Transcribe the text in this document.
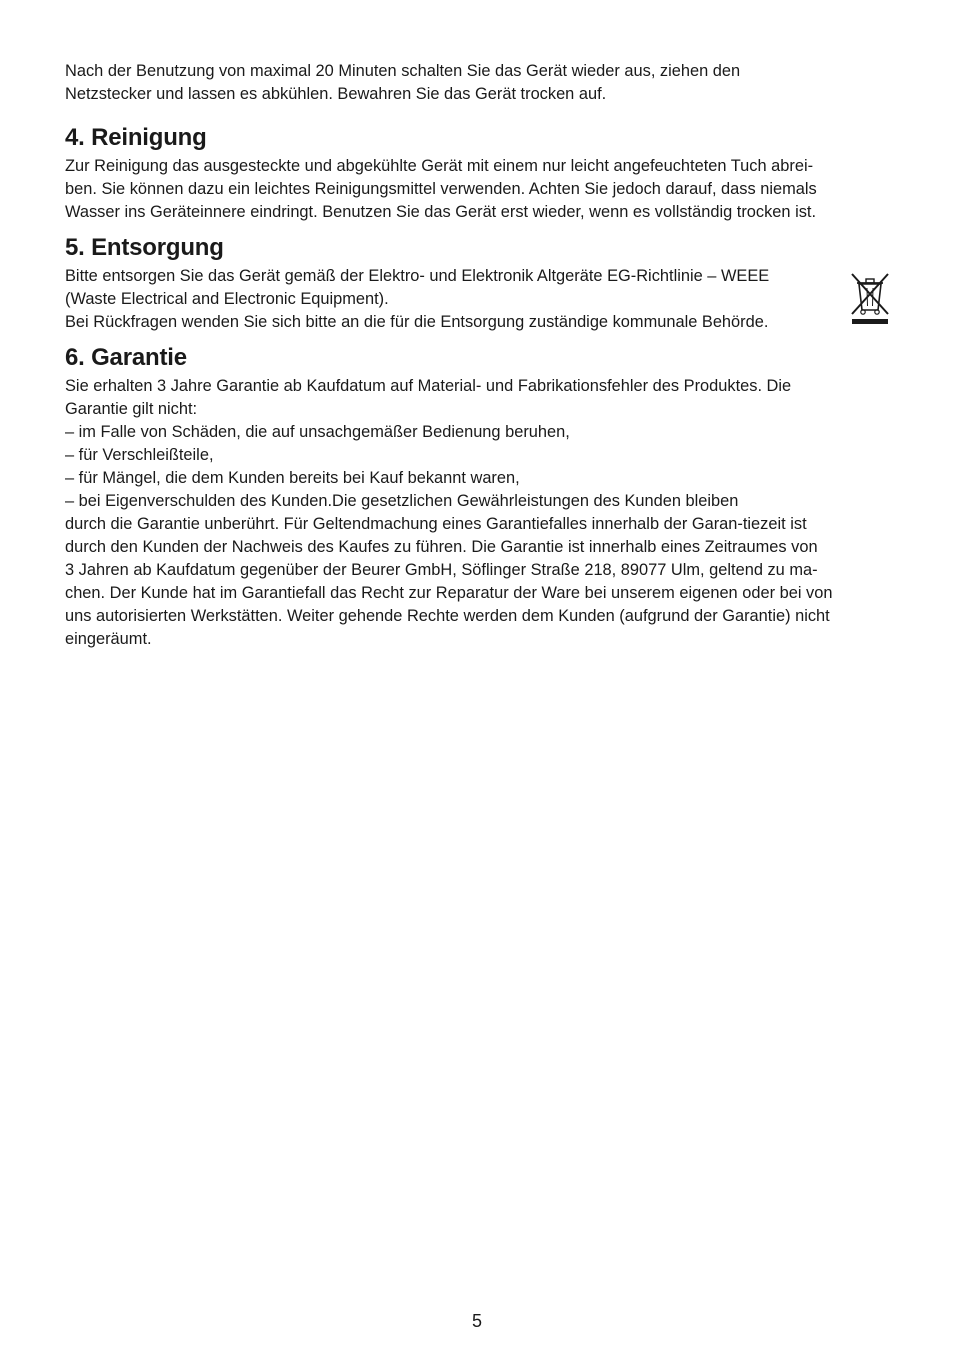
Nach der Benutzung von maximal 20 Minuten schalten Sie das Gerät wieder aus, ziehen den

Netzstecker und lassen es abkühlen. Bewahren Sie das Gerät trocken auf.

4. Reinigung

Zur Reinigung das ausgesteckte und abgekühlte Gerät mit einem nur leicht angefeuchteten Tuch abrei-

ben. Sie können dazu ein leichtes Reinigungsmittel verwenden. Achten Sie jedoch darauf, dass niemals

Wasser ins Geräteinnere eindringt. Benutzen Sie das Gerät erst wieder, wenn es vollständig trocken ist.

5. Entsorgung

Bitte entsorgen Sie das Gerät gemäß der Elektro- und Elektronik Altgeräte EG-Richtlinie – WEEE

(Waste Electrical and Electronic Equipment).

Bei Rückfragen wenden Sie sich bitte an die für die Entsorgung zuständige kommunale Behörde.

6. Garantie

Sie erhalten 3 Jahre Garantie ab Kaufdatum auf Material- und Fabrikationsfehler des Produktes. Die

Garantie gilt nicht:

– im Falle von Schäden, die auf unsachgemäßer Bedienung beruhen,

– für Verschleißteile,

– für Mängel, die dem Kunden bereits bei Kauf bekannt waren,

– bei Eigenverschulden des Kunden.Die gesetzlichen Gewährleistungen des Kunden bleiben

durch die Garantie unberührt. Für Geltendmachung eines Garantiefalles innerhalb der Garan-tiezeit ist

durch den Kunden der Nachweis des Kaufes zu führen. Die Garantie ist innerhalb eines Zeitraumes von

3 Jahren ab Kaufdatum gegenüber der Beurer GmbH, Söflinger Straße 218, 89077 Ulm, geltend zu ma-

chen. Der Kunde hat im Garantiefall das Recht zur Reparatur der Ware bei unserem eigenen oder bei von

uns autorisierten Werkstätten. Weiter gehende Rechte werden dem Kunden (aufgrund der Garantie) nicht

eingeräumt.

5
